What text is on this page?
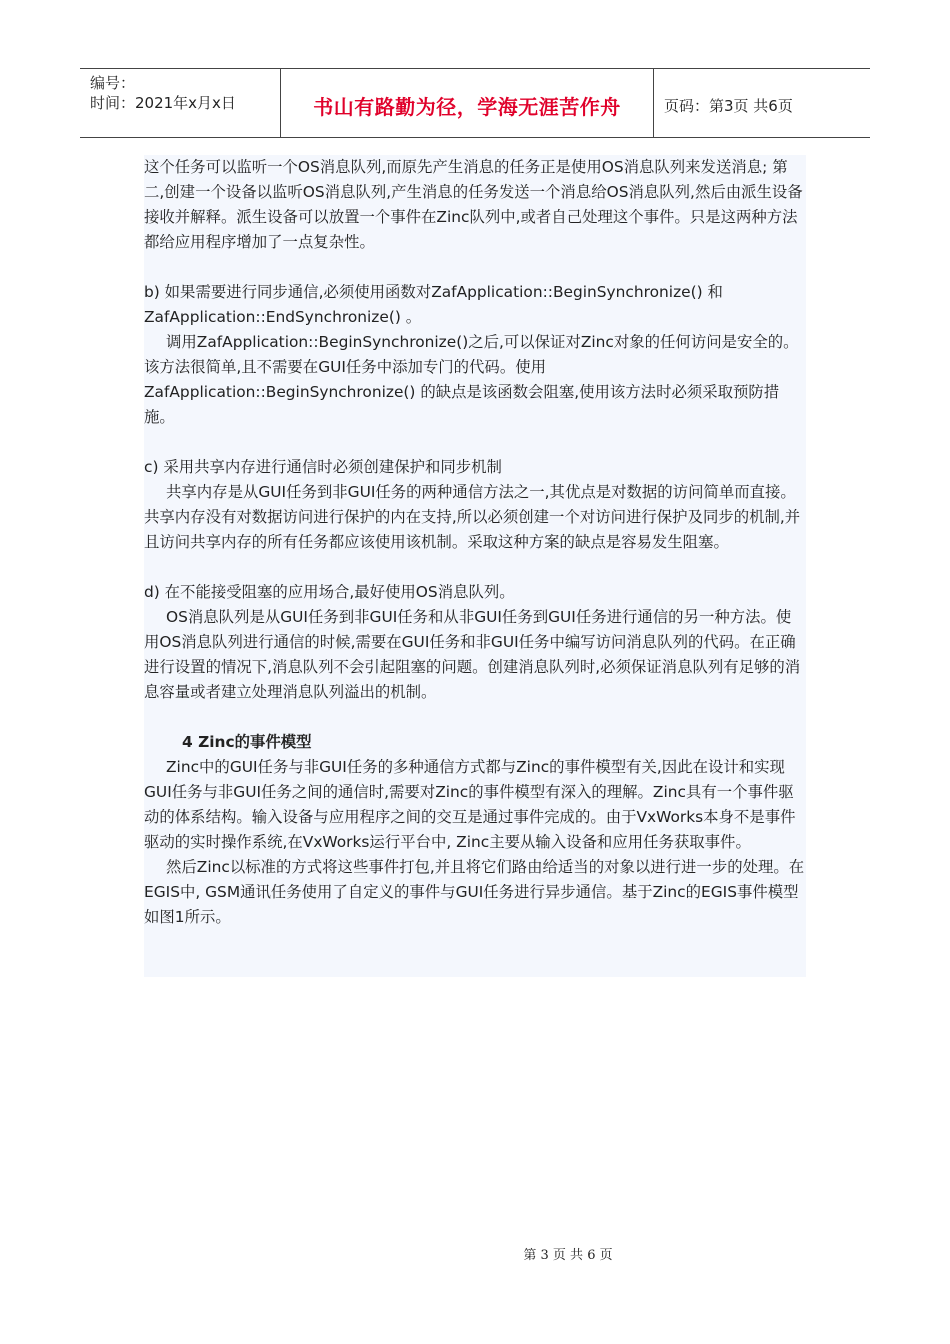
编号：
时间：2021年x月x日	书山有路勤为径，学海无涯苦作舟	页码：第3页 共6页

这个任务可以监听一个OS消息队列,而原先产生消息的任务正是使用OS消息队列来发送消息; 第二,创建一个设备以监听OS消息队列,产生消息的任务发送一个消息给OS消息队列,然后由派生设备接收并解释。派生设备可以放置一个事件在Zinc队列中,或者自己处理这个事件。只是这两种方法都给应用程序增加了一点复杂性。

b) 如果需要进行同步通信,必须使用函数对ZafApplication::BeginSynchronize() 和ZafApplication::EndSynchronize() 。

调用ZafApplication::BeginSynchronize()之后,可以保证对Zinc对象的任何访问是安全的。该方法很简单,且不需要在GUI任务中添加专门的代码。使用ZafApplication::BeginSynchronize() 的缺点是该函数会阻塞,使用该方法时必须采取预防措施。

c) 采用共享内存进行通信时必须创建保护和同步机制

共享内存是从GUI任务到非GUI任务的两种通信方法之一,其优点是对数据的访问简单而直接。共享内存没有对数据访问进行保护的内在支持,所以必须创建一个对访问进行保护及同步的机制,并且访问共享内存的所有任务都应该使用该机制。采取这种方案的缺点是容易发生阻塞。

d) 在不能接受阻塞的应用场合,最好使用OS消息队列。

OS消息队列是从GUI任务到非GUI任务和从非GUI任务到GUI任务进行通信的另一种方法。使用OS消息队列进行通信的时候,需要在GUI任务和非GUI任务中编写访问消息队列的代码。在正确进行设置的情况下,消息队列不会引起阻塞的问题。创建消息队列时,必须保证消息队列有足够的消息容量或者建立处理消息队列溢出的机制。

4 Zinc的事件模型

Zinc中的GUI任务与非GUI任务的多种通信方式都与Zinc的事件模型有关,因此在设计和实现GUI任务与非GUI任务之间的通信时,需要对Zinc的事件模型有深入的理解。Zinc具有一个事件驱动的体系结构。输入设备与应用程序之间的交互是通过事件完成的。由于VxWorks本身不是事件驱动的实时操作系统,在VxWorks运行平台中, Zinc主要从输入设备和应用任务获取事件。

然后Zinc以标准的方式将这些事件打包,并且将它们路由给适当的对象以进行进一步的处理。在EGIS中, GSM通讯任务使用了自定义的事件与GUI任务进行异步通信。基于Zinc的EGIS事件模型如图1所示。

第 3 页 共 6 页
